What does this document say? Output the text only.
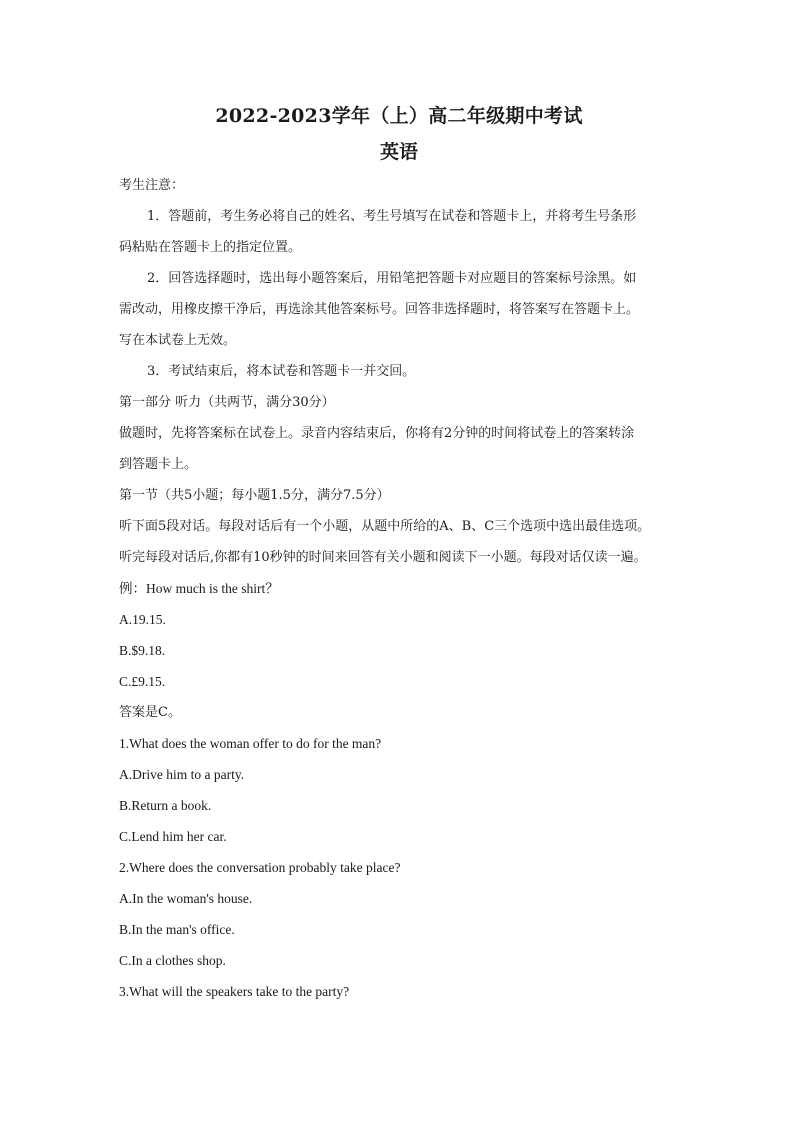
2022-2023学年（上）高二年级期中考试
英语
考生注意：
1．答题前，考生务必将自己的姓名、考生号填写在试卷和答题卡上，并将考生号条形
码粘贴在答题卡上的指定位置。
2．回答选择题时，选出每小题答案后，用铅笔把答题卡对应题目的答案标号涂黑。如
需改动，用橡皮擦干净后，再选涂其他答案标号。回答非选择题时，将答案写在答题卡上。
写在本试卷上无效。
3．考试结束后，将本试卷和答题卡一并交回。
第一部分 听力（共两节，满分30分）
做题时，先将答案标在试卷上。录音内容结束后，你将有2分钟的时间将试卷上的答案转涂
到答题卡上。
第一节（共5小题；每小题1.5分，满分7.5分）
听下面5段对话。每段对话后有一个小题，从题中所给的A、B、C三个选项中选出最佳选项。
听完每段对话后,你都有10秒钟的时间来回答有关小题和阅读下一小题。每段对话仅读一遍。
例：How much is the shirt？
A.19.15.
B.$9.18.
C.£9.15.
答案是C。
1.What does the woman offer to do for the man?
A.Drive him to a party.
B.Return a book.
C.Lend him her car.
2.Where does the conversation probably take place?
A.In the woman's house.
B.In the man's office.
C.In a clothes shop.
3.What will the speakers take to the party?
